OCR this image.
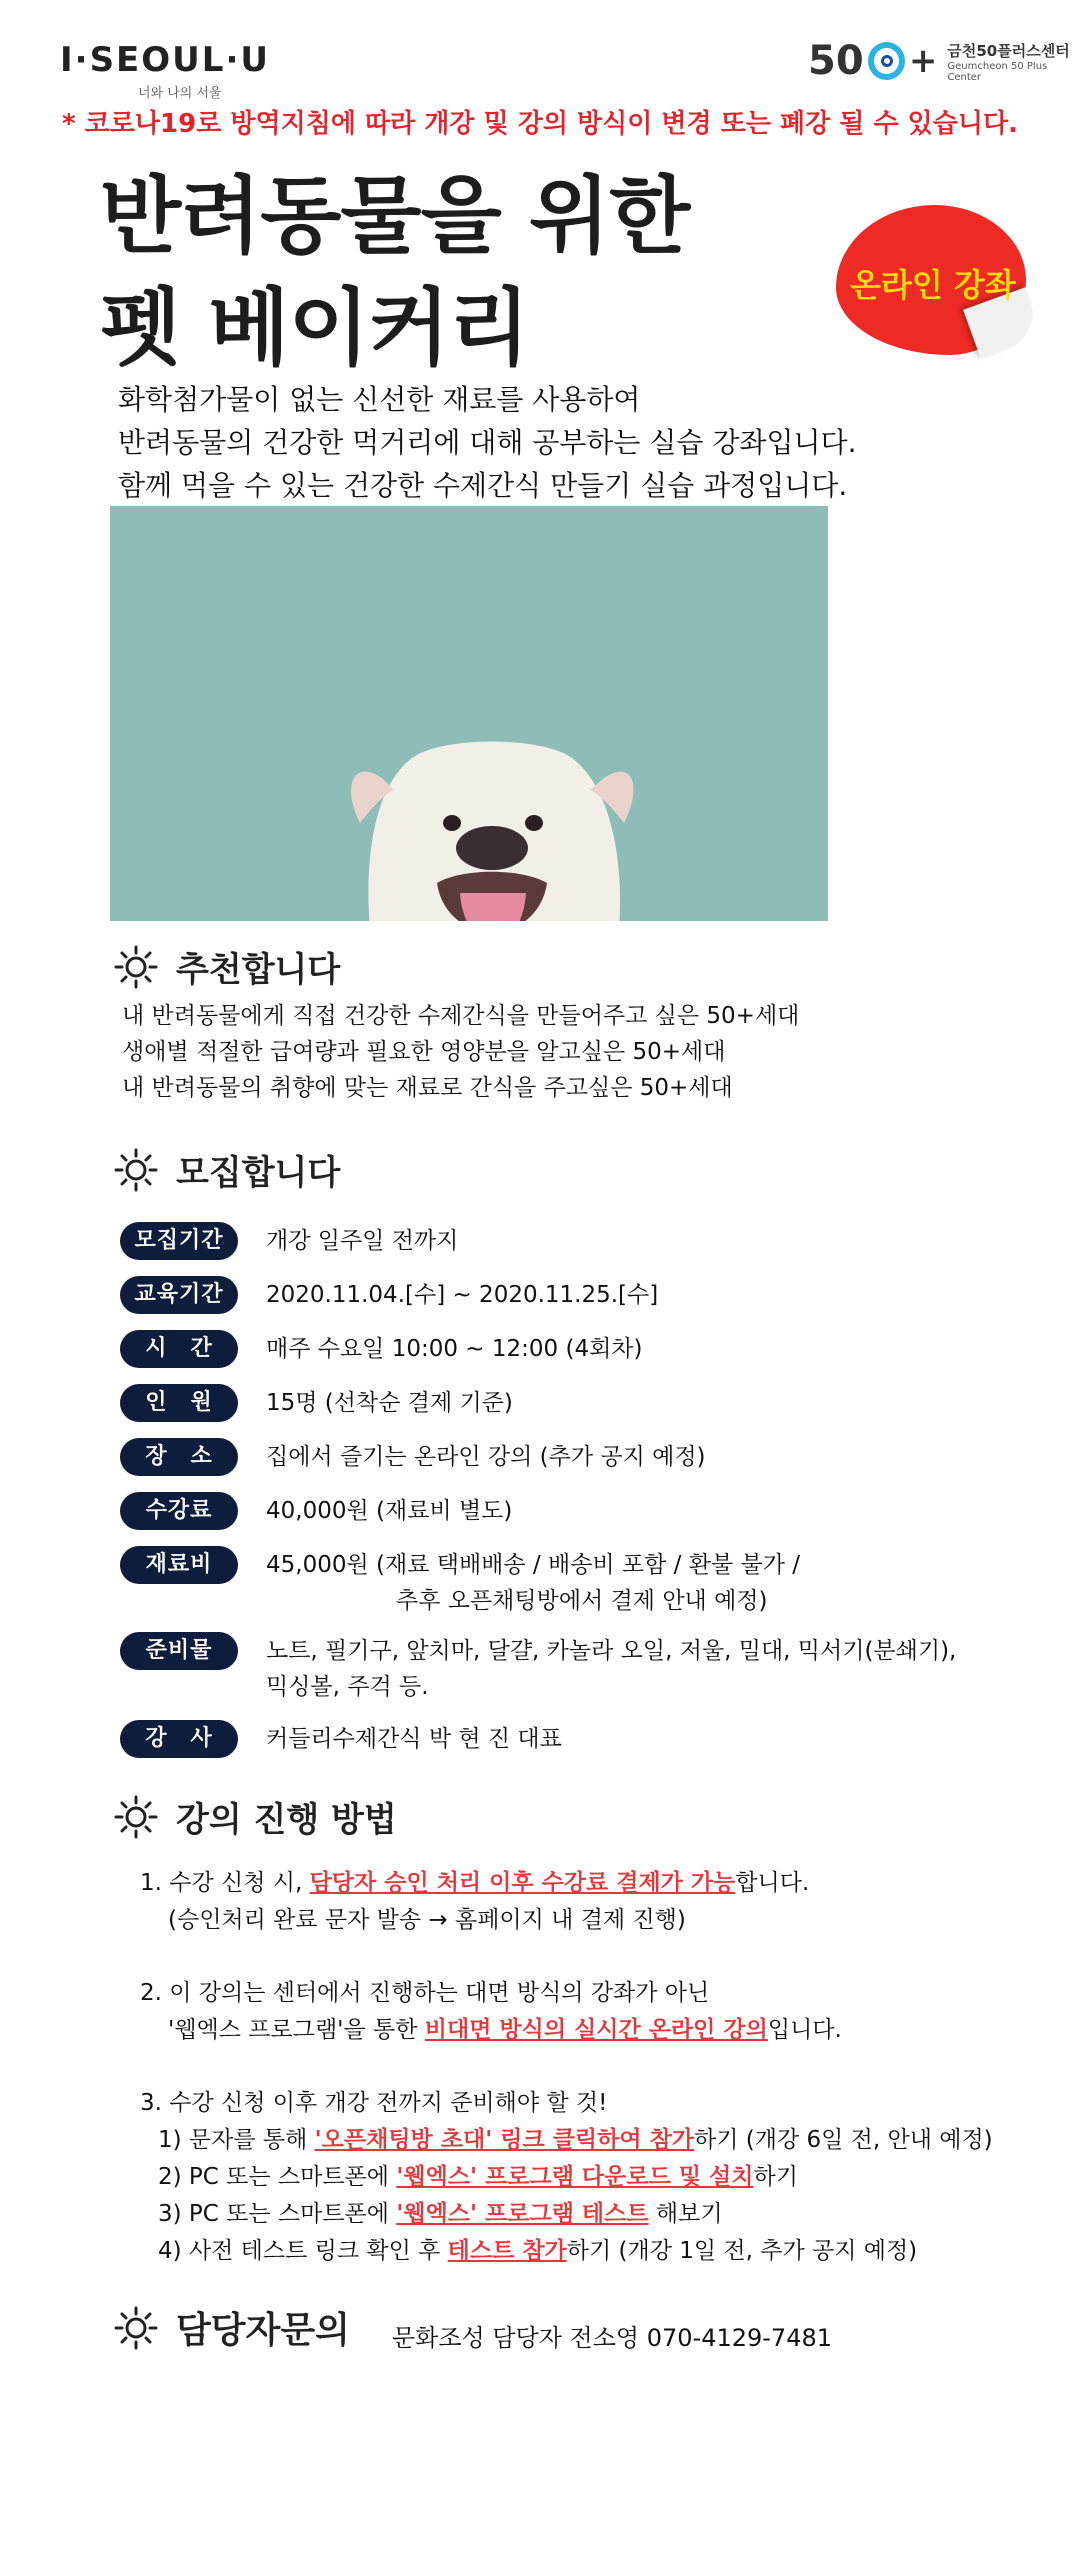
I·SEOUL·U
너와 나의 서울
50 + 금천50플러스센터
Geumcheon 50 Plus Center
* 코로나19로 방역지침에 따라 개강 및 강의 방식이 변경 또는 폐강 될 수 있습니다.
반려동물을 위한
펫 베이커리	온라인 강좌
화학첨가물이 없는 신선한 재료를 사용하여
반려동물의 건강한 먹거리에 대해 공부하는 실습 강좌입니다.
함께 먹을 수 있는 건강한 수제간식 만들기 실습 과정입니다.
추천합니다
내 반려동물에게 직접 건강한 수제간식을 만들어주고 싶은 50+세대
생애별 적절한 급여량과 필요한 영양분을 알고싶은 50+세대
내 반려동물의 취향에 맞는 재료로 간식을 주고싶은 50+세대
모집합니다
모집기간	개강 일주일 전까지
교육기간	2020.11.04.[수] ~ 2020.11.25.[수]
시　간	매주 수요일 10:00 ~ 12:00 (4회차)
인　원	15명 (선착순 결제 기준)
장　소	집에서 즐기는 온라인 강의 (추가 공지 예정)
수강료	40,000원 (재료비 별도)
재료비	45,000원 (재료 택배배송 / 배송비 포함 / 환불 불가 /
추후 오픈채팅방에서 결제 안내 예정)
준비물	노트, 필기구, 앞치마, 달걀, 카놀라 오일, 저울, 밀대, 믹서기(분쇄기),
믹싱볼, 주걱 등.
강　사	커들리수제간식 박 현 진 대표
강의 진행 방법
1. 수강 신청 시, 담당자 승인 처리 이후 수강료 결제가 가능합니다.
(승인처리 완료 문자 발송 → 홈페이지 내 결제 진행)
2. 이 강의는 센터에서 진행하는 대면 방식의 강좌가 아닌
'웹엑스 프로그램'을 통한 비대면 방식의 실시간 온라인 강의입니다.
3. 수강 신청 이후 개강 전까지 준비해야 할 것!
1) 문자를 통해 '오픈채팅방 초대' 링크 클릭하여 참가하기 (개강 6일 전, 안내 예정)
2) PC 또는 스마트폰에 '웹엑스' 프로그램 다운로드 및 설치하기
3) PC 또는 스마트폰에 '웹엑스' 프로그램 테스트 해보기
4) 사전 테스트 링크 확인 후 테스트 참가하기 (개강 1일 전, 추가 공지 예정)
담당자문의 문화조성 담당자 전소영 070-4129-7481
